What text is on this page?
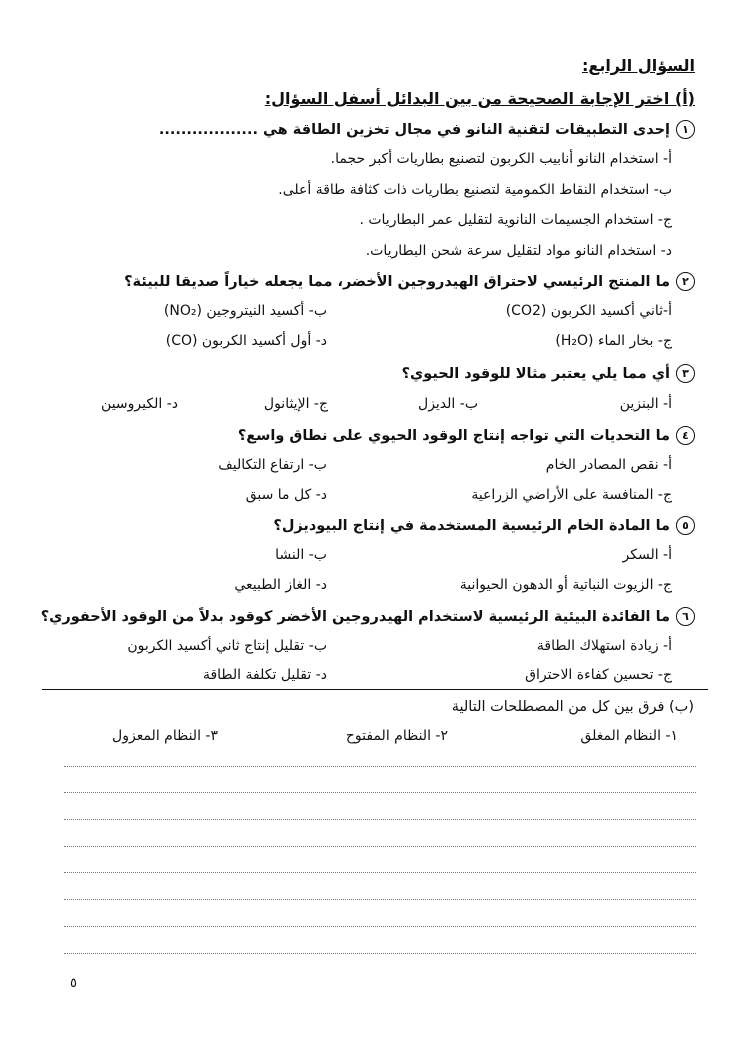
السؤال الرابع:
(أ) اختر الإجابة الصحيحة من بين البدائل أسفل السؤال:
١
إحدى التطبيقات لتقنية النانو في مجال تخزين الطاقة هي ..................
أ- استخدام النانو أنابيب الكربون لتصنيع بطاريات أكبر حجما.
ب- استخدام النقاط الكمومية لتصنيع بطاريات ذات كثافة طاقة أعلى.
ج- استخدام الجسيمات النانوية لتقليل عمر البطاريات .
د- استخدام النانو مواد لتقليل سرعة شحن البطاريات.
٢
ما المنتج الرئيسي لاحتراق الهيدروجين الأخضر، مما يجعله خياراً صديقا للبيئة؟
أ-ثاني أكسيد الكربون (CO2)
ب- أكسيد النيتروجين (NO₂)
ج- بخار الماء (H₂O)
د- أول أكسيد الكربون (CO)
٣
أي مما يلي يعتبر مثالا للوقود الحيوي؟
أ- البنزين
ب- الديزل
ج- الإيثانول
د- الكيروسين
٤
ما التحديات التي تواجه إنتاج الوقود الحيوي على نطاق واسع؟
أ- نقص المصادر الخام
ب- ارتفاع التكاليف
ج- المنافسة على الأراضي الزراعية
د- كل ما سبق
٥
ما المادة الخام الرئيسية المستخدمة في إنتاج البيوديزل؟
أ- السكر
ب- النشا
ج- الزيوت النباتية أو الدهون الحيوانية
د- الغاز الطبيعي
٦
ما الفائدة البيئية الرئيسية لاستخدام الهيدروجين الأخضر كوقود بدلاً من الوقود الأحفوري؟
أ- زيادة استهلاك الطاقة
ب- تقليل إنتاج ثاني أكسيد الكربون
ج- تحسين كفاءة الاحتراق
د- تقليل تكلفة الطاقة
(ب) فرق بين كل من المصطلحات التالية
١- النظام المغلق
٢- النظام المفتوح
٣- النظام المعزول
٥
